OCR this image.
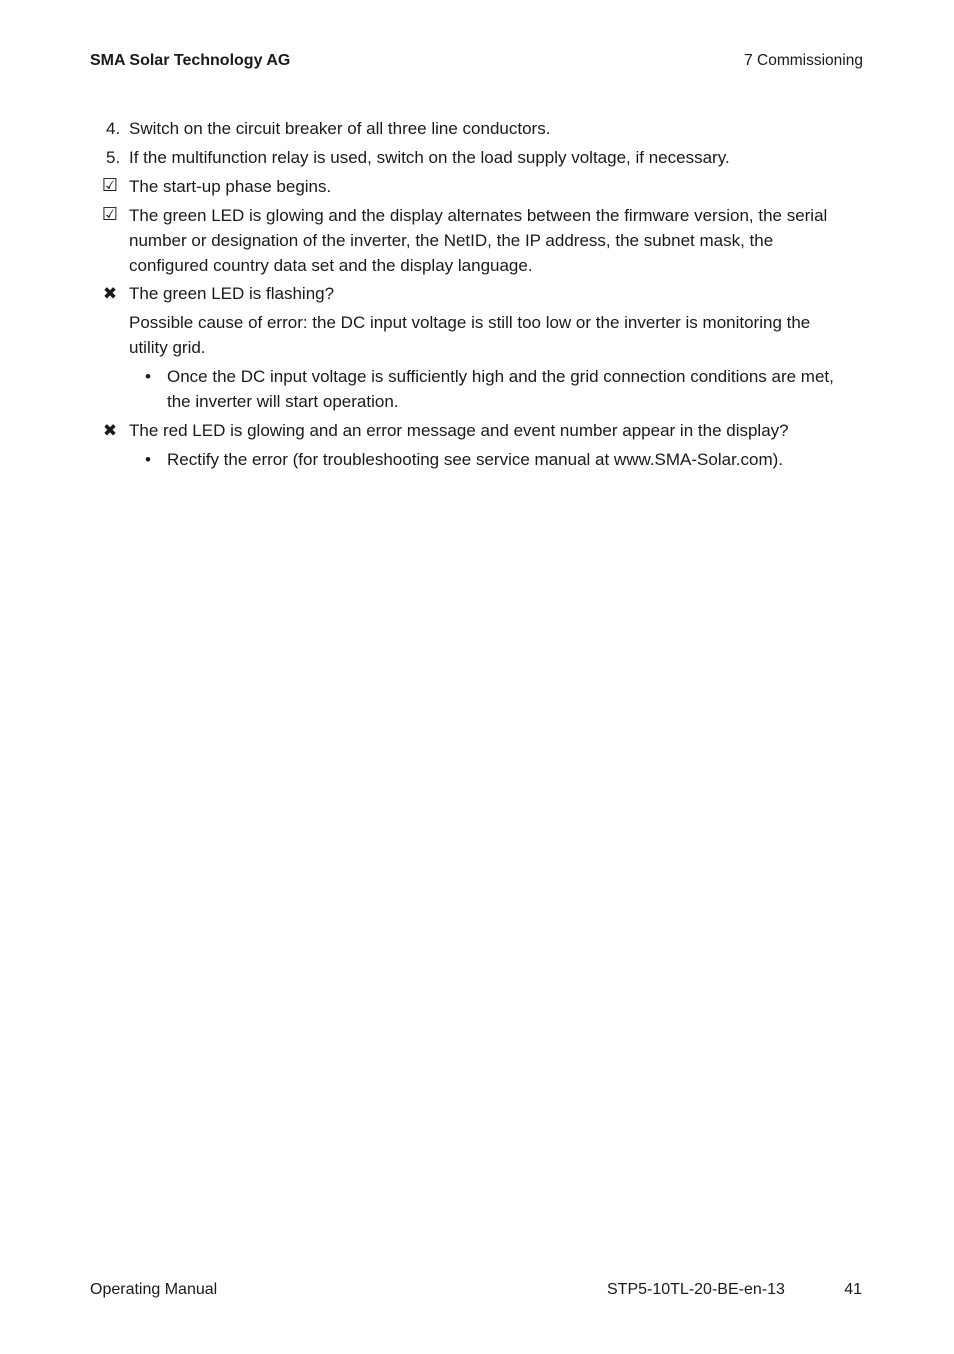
SMA Solar Technology AG	7 Commissioning
4. Switch on the circuit breaker of all three line conductors.
5. If the multifunction relay is used, switch on the load supply voltage, if necessary.
☑ The start-up phase begins.
☑ The green LED is glowing and the display alternates between the firmware version, the serial
number or designation of the inverter, the NetID, the IP address, the subnet mask, the
configured country data set and the display language.
✖ The green LED is flashing?
Possible cause of error: the DC input voltage is still too low or the inverter is monitoring the
utility grid.
• Once the DC input voltage is sufficiently high and the grid connection conditions are met,
the inverter will start operation.
✖ The red LED is glowing and an error message and event number appear in the display?
• Rectify the error (for troubleshooting see service manual at www.SMA-Solar.com).
Operating Manual	STP5-10TL-20-BE-en-13	41
